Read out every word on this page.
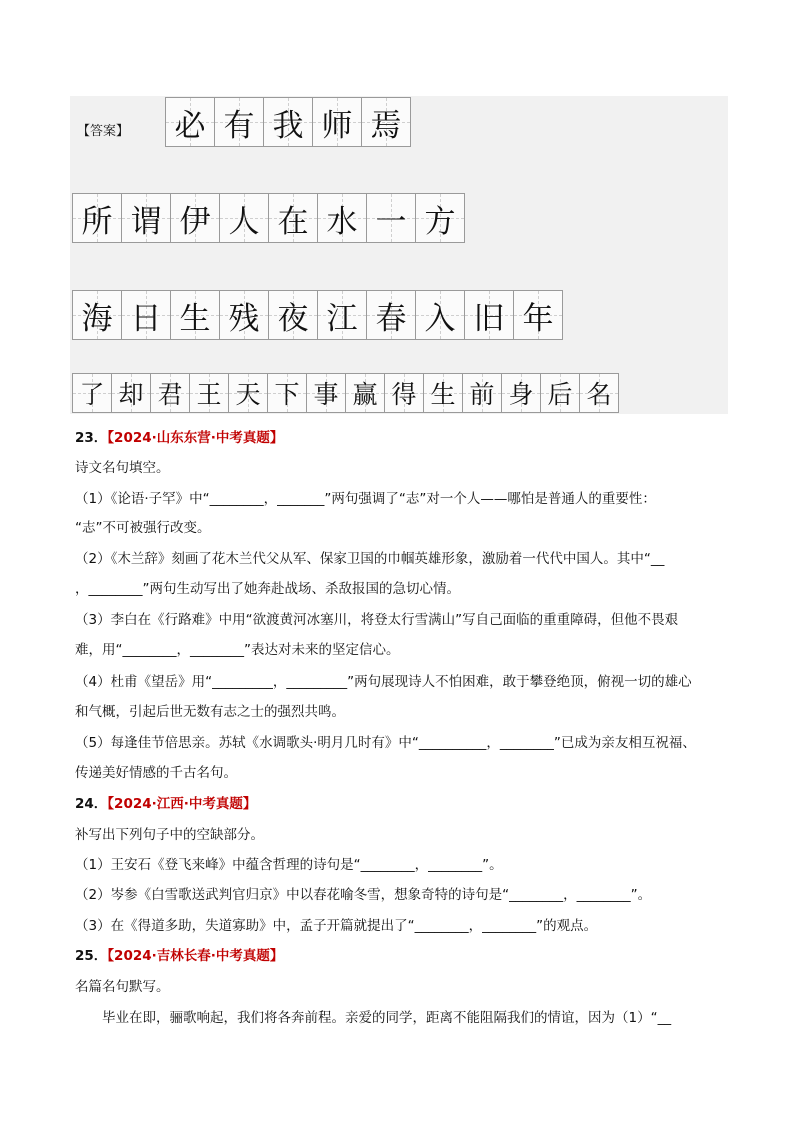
【答案】 必 有 我 师 焉
所 谓 伊 人 在 水 一 方
海 日 生 残 夜 江 春 入 旧 年
了 却 君 王 天 下 事 赢 得 生 前 身 后 名
23．【2024·山东东营·中考真题】
诗文名句填空。
（1）《论语·子罕》中“________，_______”两句强调了“志”对一个人——哪怕是普通人的重要性：
“志”不可被强行改变。
（2）《木兰辞》刻画了花木兰代父从军、保家卫国的巾帼英雄形象，激励着一代代中国人。其中“__
，________”两句生动写出了她奔赴战场、杀敌报国的急切心情。
（3）李白在《行路难》中用“欲渡黄河冰塞川，将登太行雪满山”写自己面临的重重障碍，但他不畏艰
难，用“________，________”表达对未来的坚定信心。
（4）杜甫《望岳》用“_________，_________”两句展现诗人不怕困难，敢于攀登绝顶，俯视一切的雄心
和气概，引起后世无数有志之士的强烈共鸣。
（5）每逢佳节倍思亲。苏轼《水调歌头·明月几时有》中“__________，________”已成为亲友相互祝福、
传递美好情感的千古名句。
24．【2024·江西·中考真题】
补写出下列句子中的空缺部分。
（1）王安石《登飞来峰》中蕴含哲理的诗句是“________，________”。
（2）岑参《白雪歌送武判官归京》中以春花喻冬雪，想象奇特的诗句是“________，________”。
（3）在《得道多助，失道寡助》中，孟子开篇就提出了“________，________”的观点。
25．【2024·吉林长春·中考真题】
名篇名句默写。
毕业在即，骊歌响起，我们将各奔前程。亲爱的同学，距离不能阻隔我们的情谊，因为（1）“__
